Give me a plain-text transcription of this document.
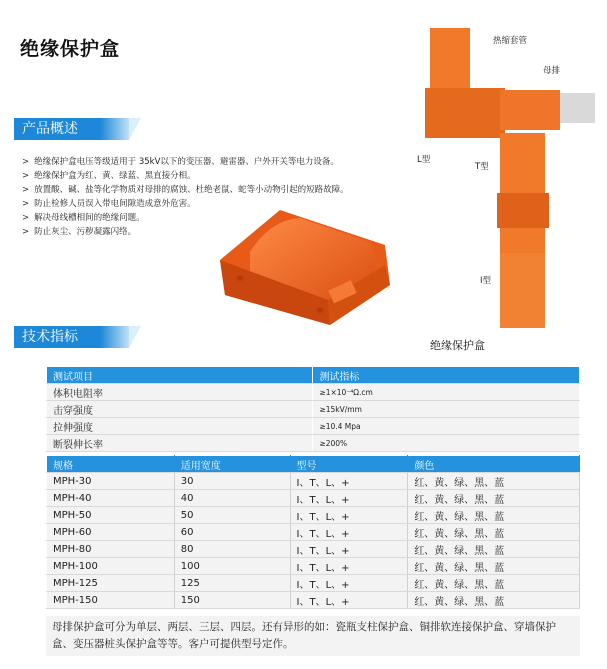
绝缘保护盒
产品概述
> 绝缘保护盒电压等级适用于 35kV以下的变压器、避雷器、户外开关等电力设备。
> 绝缘保护盒为红、黄、绿蓝、黑直接分相。
> 放置酸、碱、盐等化学物质对母排的腐蚀、杜绝老鼠、蛇等小动物引起的短路故障。
> 防止检修人员误入带电间隙造成意外危害。
> 解决母线槽相间的绝缘问题。
> 防止灰尘、污秽凝露闪络。
热缩套管
母排
L型
T型
I型
绝缘保护盒
技术指标
测试项目	测试指标
体积电阻率	≥1×10⁻⁴Ω.cm
击穿强度	≥15kV/mm
拉伸强度	≥10.4 Mpa
断裂伸长率	≥200%
规格	适用宽度	型号	颜色
MPH-30	30	I、T、L、+	红、黄、绿、黑、蓝
MPH-40	40	I、T、L、+	红、黄、绿、黑、蓝
MPH-50	50	I、T、L、+	红、黄、绿、黑、蓝
MPH-60	60	I、T、L、+	红、黄、绿、黑、蓝
MPH-80	80	I、T、L、+	红、黄、绿、黑、蓝
MPH-100	100	I、T、L、+	红、黄、绿、黑、蓝
MPH-125	125	I、T、L、+	红、黄、绿、黑、蓝
MPH-150	150	I、T、L、+	红、黄、绿、黑、蓝
母排保护盒可分为单层、两层、三层、四层。还有异形的如：瓷瓶支柱保护盒、铜排软连接保护盒、穿墙保护盒、变压器桩头保护盒等等。客户可提供型号定作。
